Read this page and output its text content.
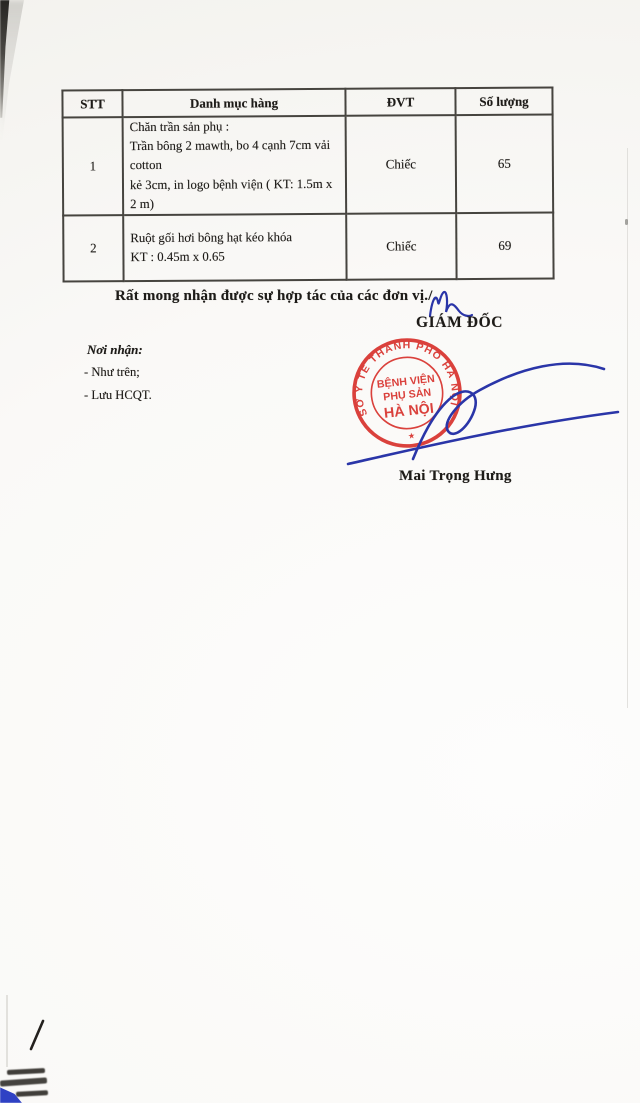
STT	Danh mục hàng	ĐVT	Số lượng
1	Chăn trần sản phụ :
Trần bông 2 mawth, bo 4 cạnh 7cm vải cotton
kẻ 3cm, in logo bệnh viện ( KT: 1.5m x 2 m)	Chiếc	65
2	Ruột gối hơi bông hạt kéo khóa
KT : 0.45m x 0.65	Chiếc	69
Rất mong nhận được sự hợp tác của các đơn vị./.
GIÁM ĐỐC
Nơi nhận:
- Như trên;
- Lưu HCQT.
SỞ Y TẾ THÀNH PHỐ HÀ NỘI
★
BỆNH VIỆN
PHỤ SẢN
HÀ NỘI
Mai Trọng Hưng
